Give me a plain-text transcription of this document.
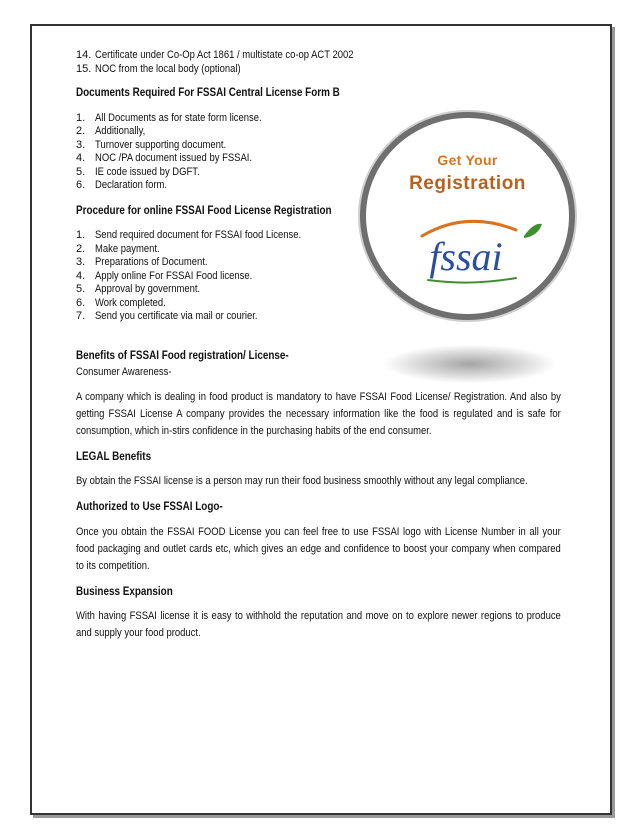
14. Certificate under Co-Op Act 1861 / multistate co-op ACT 2002
15. NOC from the local body (optional)

Documents Required For FSSAI Central License Form B

1. All Documents as for state form license.
2. Additionally,
3. Turnover supporting document.
4. NOC /PA document issued by FSSAI.
5. IE code issued by DGFT.
6. Declaration form.

Procedure for online FSSAI Food License Registration

1. Send required document for FSSAI food License.
2. Make payment.
3. Preparations of Document.
4. Apply online For FSSAI Food license.
5. Approval by government.
6. Work completed.
7. Send you certificate via mail or courier.

Benefits of FSSAI Food registration/ License-

Consumer Awareness-

A company which is dealing in food product is mandatory to have FSSAI Food License/ Registration. And also by getting FSSAI License A company provides the necessary information like the food is regulated and is safe for consumption, which in-stirs confidence in the purchasing habits of the end consumer.

LEGAL Benefits

By obtain the FSSAI license is a person may run their food business smoothly without any legal compliance.

Authorized to Use FSSAI Logo-

Once you obtain the FSSAI FOOD License you can feel free to use FSSAI logo with License Number in all your food packaging and outlet cards etc, which gives an edge and confidence to boost your company when compared to its competition.

Business Expansion

With having FSSAI license it is easy to withhold the reputation and move on to explore newer regions to produce and supply your food product.

Get Your
Registration
fssai
